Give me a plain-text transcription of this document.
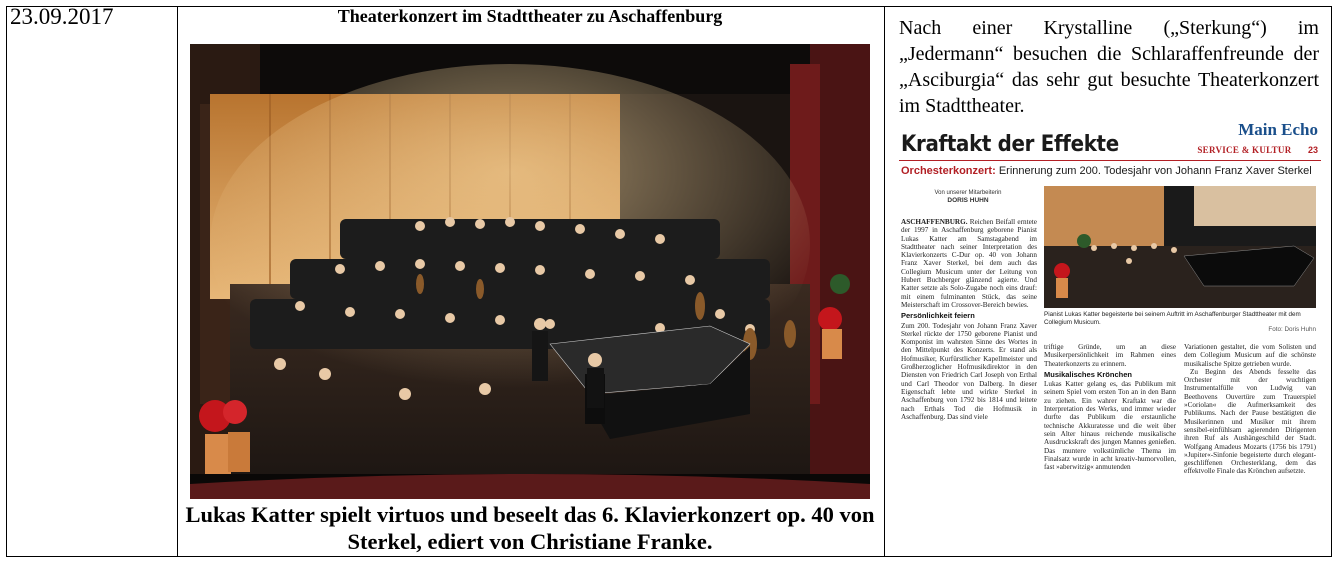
23.09.2017	Theaterkonzert im Stadttheater zu Aschaffenburg
Lukas Katter spielt virtuos und beseelt das 6. Klavierkonzert op. 40 von Sterkel, ediert von Christiane Franke.
Nach einer Krystalline („Sterkung“) im „Jedermann“ besuchen die Schlaraffenfreunde der „Asciburgia“ das sehr gut besuchte Theaterkonzert im Stadttheater.
Main Echo
SERVICE & KULTUR 23
Kraftakt der Effekte
Orchesterkonzert: Erinnerung zum 200. Todesjahr von Johann Franz Xaver Sterkel
Von unserer Mitarbeiterin
DORIS HUHN

ASCHAFFENBURG. Reichen Beifall erntete der 1997 in Aschaffenburg geborene Pianist Lukas Katter am Samstagabend im Stadttheater nach seiner Interpretation des Klavierkonzerts C-Dur op. 40 von Johann Franz Xaver Sterkel, bei dem auch das Collegium Musicum unter der Leitung von Hubert Buchberger glänzend agierte. Und Katter setzte als Solo-Zugabe noch eins drauf: mit einem fulminanten Stück, das seine Meisterschaft im Crossover-Bereich bewies.

Persönlichkeit feiern

Zum 200. Todesjahr von Johann Franz Xaver Sterkel rückte der 1750 geborene Pianist und Komponist im wahrsten Sinne des Wortes in den Mittelpunkt des Konzerts. Er stand als Hofmusiker, Kurfürstlicher Kapellmeister und Großherzoglicher Hofmusikdirektor in den Diensten von Friedrich Carl Joseph von Erthal und Carl Theodor von Dalberg. In dieser Eigenschaft lebte und wirkte Sterkel in Aschaffenburg von 1792 bis 1814 und leitete nach Erthals Tod die Hofmusik in Aschaffenburg. Das sind viele

Pianist Lukas Katter begeisterte bei seinem Auftritt im Aschaffenburger Stadttheater mit dem Collegium Musicum.
Foto: Doris Huhn

triftige Gründe, um an diese Musikerpersönlichkeit im Rahmen eines Theaterkonzerts zu erinnern.

Musikalisches Krönchen

Lukas Katter gelang es, das Publikum mit seinem Spiel vom ersten Ton an in den Bann zu ziehen. Ein wahrer Kraftakt war die Interpretation des Werks, und immer wieder durfte das Publikum die erstaunliche technische Akkuratesse und die weit über sein Alter hinaus reichende musikalische Ausdruckskraft des jungen Mannes genießen. Das muntere volkstümliche Thema im Finalsatz wurde in acht kreativ-humorvollen, fast »aberwitzig« anmutenden

Variationen gestaltet, die vom Solisten und dem Collegium Musicum auf die schönste musikalische Spitze getrieben wurde.

Zu Beginn des Abends fesselte das Orchester mit der wuchtigen Instrumentalfülle von Ludwig van Beethovens Ouvertüre zum Trauerspiel »Coriolan« die Aufmerksamkeit des Publikums. Nach der Pause bestätigten die Musikerinnen und Musiker mit ihrem sensibel-einfühlsam agierenden Dirigenten ihren Ruf als Aushängeschild der Stadt. Wolfgang Amadeus Mozarts (1756 bis 1791) »Jupiter«-Sinfonie begeisterte durch elegant-geschliffenen Orchesterklang, dem das effektvolle Finale das Krönchen aufsetzte.
